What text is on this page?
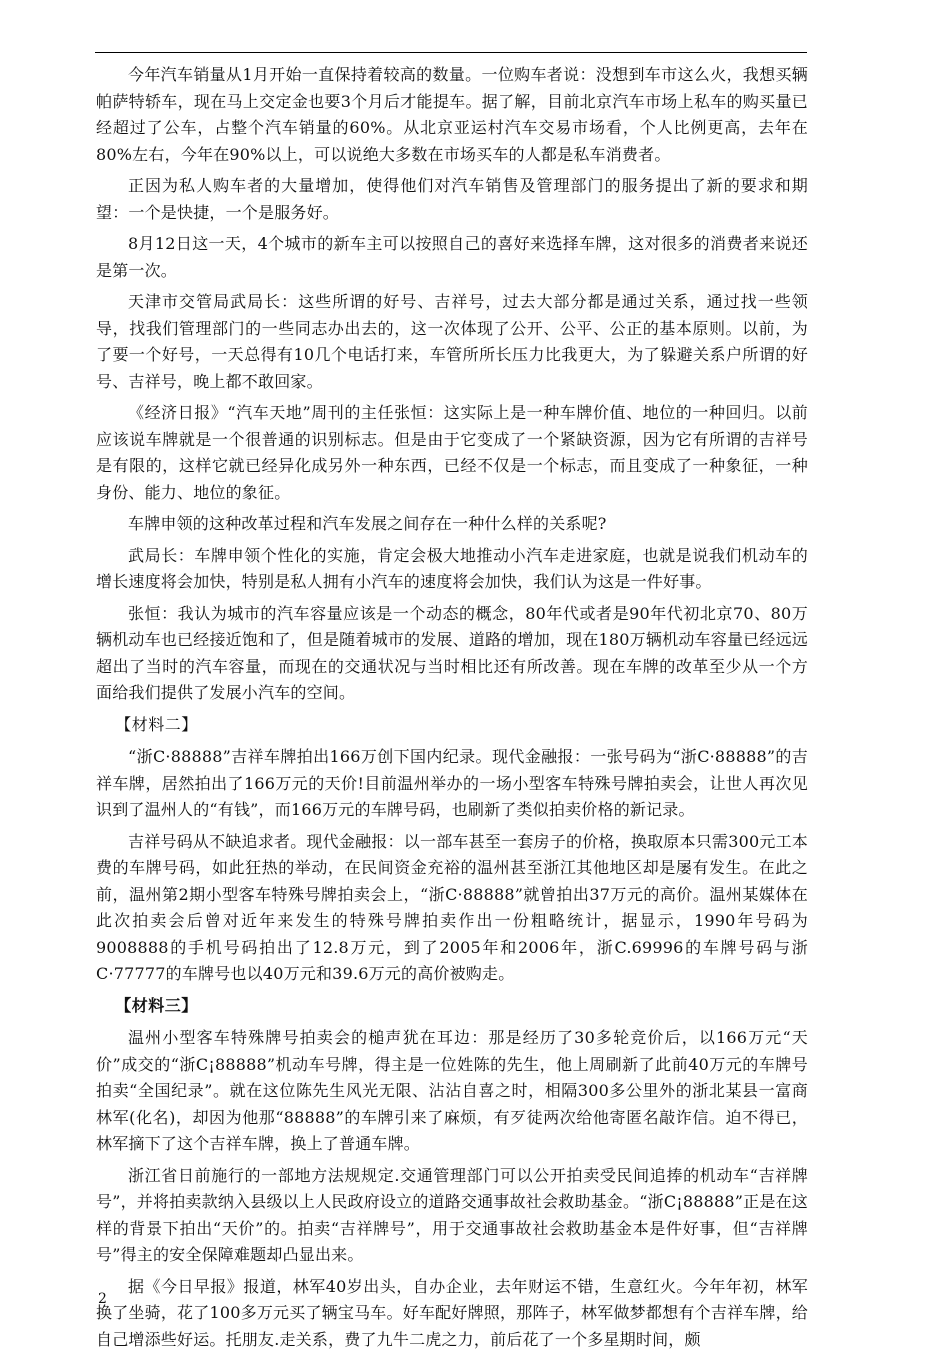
今年汽车销量从1月开始一直保持着较高的数量。一位购车者说：没想到车市这么火，我想买辆帕萨特轿车，现在马上交定金也要3个月后才能提车。据了解，目前北京汽车市场上私车的购买量已经超过了公车，占整个汽车销量的60%。从北京亚运村汽车交易市场看，个人比例更高，去年在80%左右，今年在90%以上，可以说绝大多数在市场买车的人都是私车消费者。

正因为私人购车者的大量增加，使得他们对汽车销售及管理部门的服务提出了新的要求和期望：一个是快捷，一个是服务好。

8月12日这一天，4个城市的新车主可以按照自己的喜好来选择车牌，这对很多的消费者来说还是第一次。

天津市交管局武局长：这些所谓的好号、吉祥号，过去大部分都是通过关系，通过找一些领导，找我们管理部门的一些同志办出去的，这一次体现了公开、公平、公正的基本原则。以前，为了要一个好号，一天总得有10几个电话打来，车管所所长压力比我更大，为了躲避关系户所谓的好号、吉祥号，晚上都不敢回家。

《经济日报》“汽车天地”周刊的主任张恒：这实际上是一种车牌价值、地位的一种回归。以前应该说车牌就是一个很普通的识别标志。但是由于它变成了一个紧缺资源，因为它有所谓的吉祥号是有限的，这样它就已经异化成另外一种东西，已经不仅是一个标志，而且变成了一种象征，一种身份、能力、地位的象征。

车牌申领的这种改革过程和汽车发展之间存在一种什么样的关系呢?

武局长：车牌申领个性化的实施，肯定会极大地推动小汽车走进家庭，也就是说我们机动车的增长速度将会加快，特别是私人拥有小汽车的速度将会加快，我们认为这是一件好事。

张恒：我认为城市的汽车容量应该是一个动态的概念，80年代或者是90年代初北京70、80万辆机动车也已经接近饱和了，但是随着城市的发展、道路的增加，现在180万辆机动车容量已经远远超出了当时的汽车容量，而现在的交通状况与当时相比还有所改善。现在车牌的改革至少从一个方面给我们提供了发展小汽车的空间。

【材料二】

“浙C·88888”吉祥车牌拍出166万创下国内纪录。现代金融报：一张号码为“浙C·88888”的吉祥车牌，居然拍出了166万元的天价!目前温州举办的一场小型客车特殊号牌拍卖会，让世人再次见识到了温州人的“有钱”，而166万元的车牌号码，也刷新了类似拍卖价格的新记录。

吉祥号码从不缺追求者。现代金融报：以一部车甚至一套房子的价格，换取原本只需300元工本费的车牌号码，如此狂热的举动，在民间资金充裕的温州甚至浙江其他地区却是屡有发生。在此之前，温州第2期小型客车特殊号牌拍卖会上，“浙C·88888”就曾拍出37万元的高价。温州某媒体在此次拍卖会后曾对近年来发生的特殊号牌拍卖作出一份粗略统计，据显示，1990年号码为9008888的手机号码拍出了12.8万元，到了2005年和2006年，浙C.69996的车牌号码与浙C·77777的车牌号也以40万元和39.6万元的高价被购走。

【材料三】

温州小型客车特殊牌号拍卖会的槌声犹在耳边：那是经历了30多轮竞价后，以166万元“天价”成交的“浙C¡88888”机动车号牌，得主是一位姓陈的先生，他上周刷新了此前40万元的车牌号拍卖“全国纪录”。就在这位陈先生风光无限、沾沾自喜之时，相隔300多公里外的浙北某县一富商林军(化名)，却因为他那“88888”的车牌引来了麻烦，有歹徒两次给他寄匿名敲诈信。迫不得已，林军摘下了这个吉祥车牌，换上了普通车牌。

浙江省日前施行的一部地方法规规定.交通管理部门可以公开拍卖受民间追捧的机动车“吉祥牌号”，并将拍卖款纳入县级以上人民政府设立的道路交通事故社会救助基金。“浙C¡88888”正是在这样的背景下拍出“天价”的。拍卖“吉祥牌号”，用于交通事故社会救助基金本是件好事，但“吉祥牌号”得主的安全保障难题却凸显出来。

据《今日早报》报道，林军40岁出头，自办企业，去年财运不错，生意红火。今年年初，林军换了坐骑，花了100多万元买了辆宝马车。好车配好牌照，那阵子，林军做梦都想有个吉祥车牌，给自己增添些好运。托朋友.走关系，费了九牛二虎之力，前后花了一个多星期时间，颇

2
